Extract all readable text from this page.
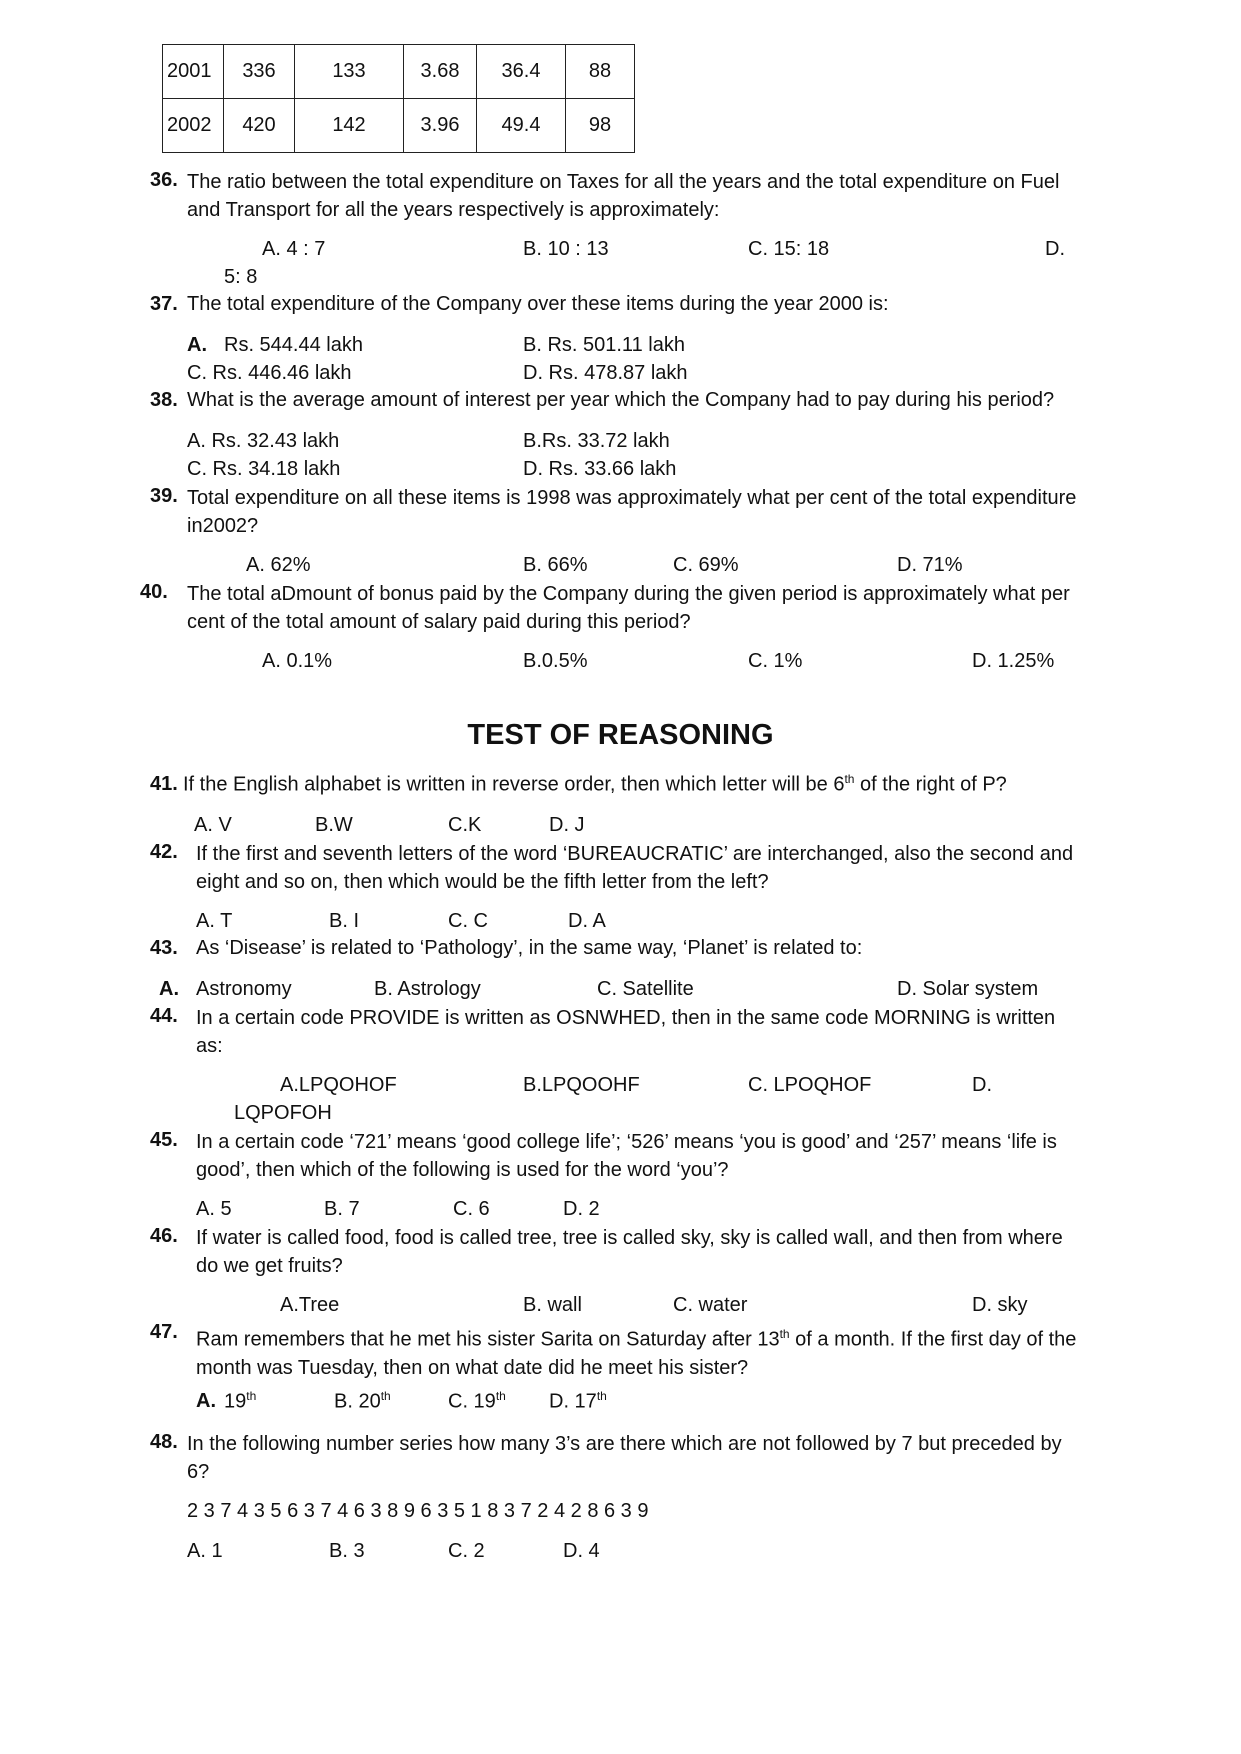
2001	336	133	3.68	36.4	88
2002	420	142	3.96	49.4	98
36. The ratio between the total expenditure on Taxes for all the years and the total expenditure on Fuel and Transport for all the years respectively is approximately:
A. 4 : 7	B. 10 : 13	C. 15: 18	D.
5: 8
37. The total expenditure of the Company over these items during the year 2000 is:
A. Rs. 544.44 lakh	B. Rs. 501.11 lakh
C. Rs. 446.46 lakh	D. Rs. 478.87 lakh
38. What is the average amount of interest per year which the Company had to pay during his period?
A. Rs. 32.43 lakh	B.Rs. 33.72 lakh
C. Rs. 34.18 lakh	D. Rs. 33.66 lakh
39. Total expenditure on all these items is 1998 was approximately what per cent of the total expenditure in2002?
A. 62%	B. 66%	C. 69%	D. 71%
40. The total aDmount of bonus paid by the Company during the given period is approximately what per cent of the total amount of salary paid during this period?
A. 0.1%	B.0.5%	C. 1%	D. 1.25%
TEST OF REASONING
41. If the English alphabet is written in reverse order, then which letter will be 6th of the right of P?
A. V	B.W	C.K	D. J
42. If the first and seventh letters of the word ‘BUREAUCRATIC’ are interchanged, also the second and eight and so on, then which would be the fifth letter from the left?
A. T	B. I	C. C	D. A
43. As ‘Disease’ is related to ‘Pathology’, in the same way, ‘Planet’ is related to:
A. Astronomy	B. Astrology	C. Satellite	D. Solar system
44. In a certain code PROVIDE is written as OSNWHED, then in the same code MORNING is written as:
A.LPQOHOF	B.LPQOOHF	C. LPOQHOF	D.
LQPOFOH
45. In a certain code ‘721’ means ‘good college life’; ‘526’ means ‘you is good’ and ‘257’ means ‘life is good’, then which of the following is used for the word ‘you’?
A. 5	B. 7	C. 6	D. 2
46. If water is called food, food is called tree, tree is called sky, sky is called wall, and then from where do we get fruits?
A.Tree	B. wall	C. water	D. sky
47. Ram remembers that he met his sister Sarita on Saturday after 13th of a month. If the first day of the month was Tuesday, then on what date did he meet his sister?
A. 19th	B. 20th	C. 19th D. 17th
48. In the following number series how many 3’s are there which are not followed by 7 but preceded by 6?
2 3 7 4 3 5 6 3 7 4 6 3 8 9 6 3 5 1 8 3 7 2 4 2 8 6 3 9
A. 1	B. 3	C. 2	D. 4
